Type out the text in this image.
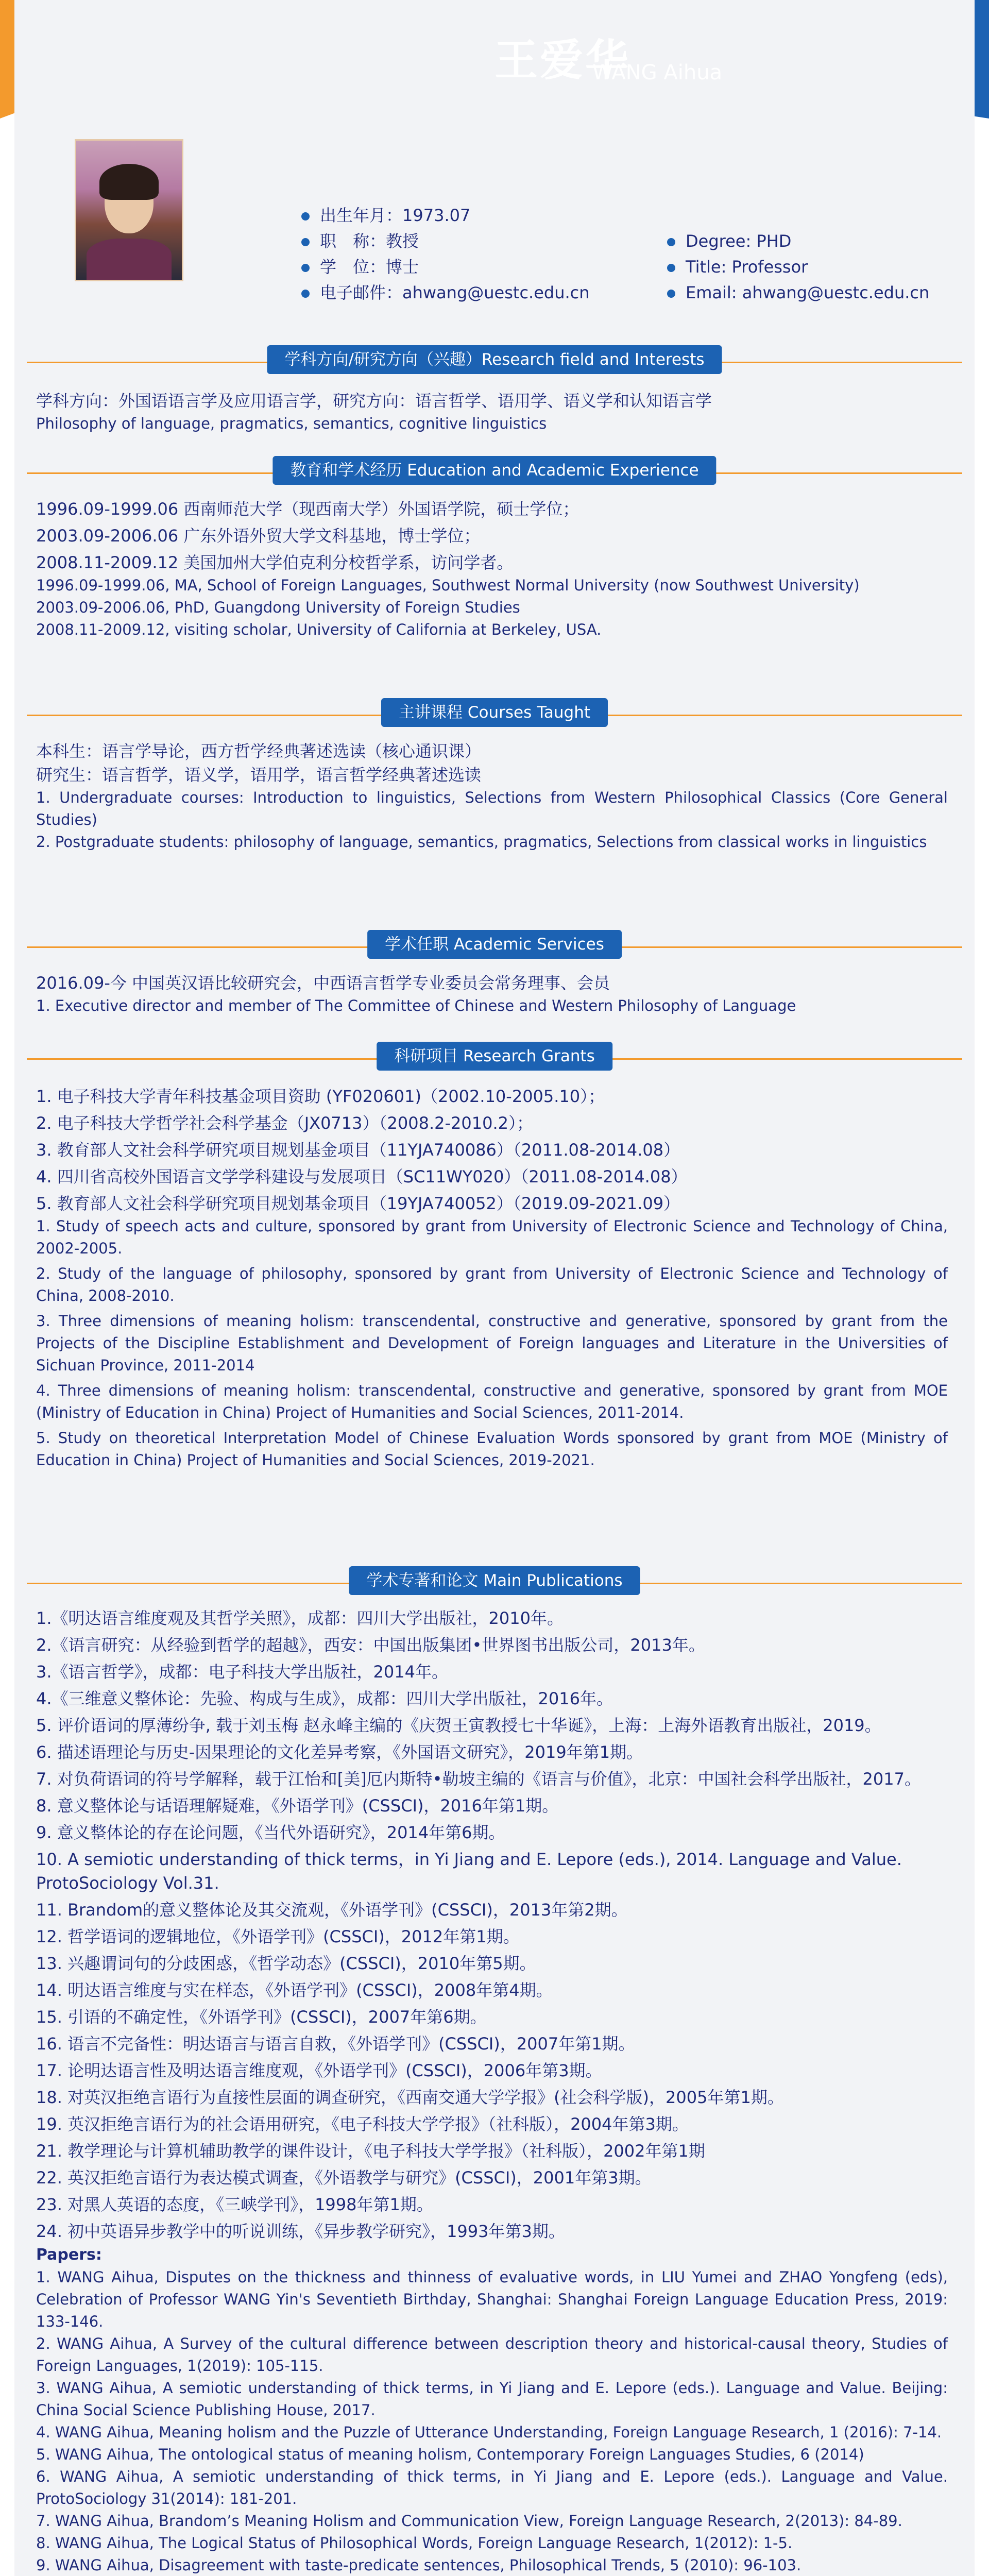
王爱华
WANG Aihua
出生年月：1973.07
职　称：教授
学　位：博士
电子邮件：ahwang@uestc.edu.cn
Degree: PHD
Title: Professor
Email: ahwang@uestc.edu.cn
学科方向/研究方向（兴趣）Research field and Interests

学科方向：外国语语言学及应用语言学，研究方向：语言哲学、语用学、语义学和认知语言学

Philosophy of language, pragmatics, semantics, cognitive linguistics

教育和学术经历 Education and Academic Experience

1996.09-1999.06 西南师范大学（现西南大学）外国语学院，硕士学位；

2003.09-2006.06 广东外语外贸大学文科基地，博士学位；

2008.11-2009.12 美国加州大学伯克利分校哲学系，访问学者。

1996.09-1999.06, MA, School of Foreign Languages, Southwest Normal University (now Southwest University)

2003.09-2006.06, PhD, Guangdong University of Foreign Studies

2008.11-2009.12, visiting scholar, University of California at Berkeley, USA.

主讲课程 Courses Taught

本科生：语言学导论，西方哲学经典著述选读（核心通识课）

研究生：语言哲学，语义学，语用学，语言哲学经典著述选读

1. Undergraduate courses: Introduction to linguistics, Selections from Western Philosophical Classics (Core General Studies)

2. Postgraduate students: philosophy of language, semantics, pragmatics, Selections from classical works in linguistics

学术任职 Academic Services

2016.09-今 中国英汉语比较研究会，中西语言哲学专业委员会常务理事、会员

1. Executive director and member of The Committee of Chinese and Western Philosophy of Language

科研项目 Research Grants

1. 电子科技大学青年科技基金项目资助 (YF020601)（2002.10-2005.10）；

2. 电子科技大学哲学社会科学基金（JX0713）（2008.2-2010.2）；

3. 教育部人文社会科学研究项目规划基金项目（11YJA740086）（2011.08-2014.08）

4. 四川省高校外国语言文学学科建设与发展项目（SC11WY020）（2011.08-2014.08）

5. 教育部人文社会科学研究项目规划基金项目（19YJA740052）（2019.09-2021.09）

1. Study of speech acts and culture, sponsored by grant from University of Electronic Science and Technology of China, 2002-2005.

2. Study of the language of philosophy, sponsored by grant from University of Electronic Science and Technology of China, 2008-2010.

3. Three dimensions of meaning holism: transcendental, constructive and generative, sponsored by grant from the Projects of the Discipline Establishment and Development of Foreign languages and Literature in the Universities of Sichuan Province, 2011-2014

4. Three dimensions of meaning holism: transcendental, constructive and generative, sponsored by grant from MOE (Ministry of Education in China) Project of Humanities and Social Sciences, 2011-2014.

5. Study on theoretical Interpretation Model of Chinese Evaluation Words sponsored by grant from MOE (Ministry of Education in China) Project of Humanities and Social Sciences, 2019-2021.

学术专著和论文 Main Publications

1.《明达语言维度观及其哲学关照》，成都：四川大学出版社，2010年。

2.《语言研究：从经验到哲学的超越》，西安：中国出版集团•世界图书出版公司，2013年。

3.《语言哲学》，成都：电子科技大学出版社，2014年。

4.《三维意义整体论：先验、构成与生成》，成都：四川大学出版社，2016年。

5. 评价语词的厚薄纷争, 载于刘玉梅 赵永峰主编的《庆贺王寅教授七十华诞》，上海：上海外语教育出版社，2019。

6. 描述语理论与历史-因果理论的文化差异考察，《外国语文研究》，2019年第1期。

7. 对负荷语词的符号学解释，载于江怡和[美]厄内斯特•勒坡主编的《语言与价值》，北京：中国社会科学出版社，2017。

8. 意义整体论与话语理解疑难，《外语学刊》(CSSCI)，2016年第1期。

9. 意义整体论的存在论问题，《当代外语研究》，2014年第6期。

10. A semiotic understanding of thick terms，in Yi Jiang and E. Lepore (eds.), 2014. Language and Value. ProtoSociology Vol.31.

11. Brandom的意义整体论及其交流观，《外语学刊》(CSSCI)，2013年第2期。

12. 哲学语词的逻辑地位，《外语学刊》(CSSCI)，2012年第1期。

13. 兴趣谓词句的分歧困惑，《哲学动态》(CSSCI)，2010年第5期。

14. 明达语言维度与实在样态，《外语学刊》(CSSCI)，2008年第4期。

15. 引语的不确定性，《外语学刊》(CSSCI)，2007年第6期。

16. 语言不完备性：明达语言与语言自救，《外语学刊》(CSSCI)，2007年第1期。

17. 论明达语言性及明达语言维度观，《外语学刊》(CSSCI)，2006年第3期。

18. 对英汉拒绝言语行为直接性层面的调查研究，《西南交通大学学报》(社会科学版)，2005年第1期。

19. 英汉拒绝言语行为的社会语用研究，《电子科技大学学报》（社科版），2004年第3期。

21. 教学理论与计算机辅助教学的课件设计，《电子科技大学学报》（社科版），2002年第1期

22. 英汉拒绝言语行为表达模式调查，《外语教学与研究》(CSSCI)，2001年第3期。

23. 对黑人英语的态度，《三峡学刊》，1998年第1期。

24. 初中英语异步教学中的听说训练，《异步教学研究》，1993年第3期。

Papers:

1. WANG Aihua, Disputes on the thickness and thinness of evaluative words, in LIU Yumei and ZHAO Yongfeng (eds), Celebration of Professor WANG Yin's Seventieth Birthday, Shanghai: Shanghai Foreign Language Education Press, 2019: 133-146.

2. WANG Aihua, A Survey of the cultural difference between description theory and historical-causal theory, Studies of Foreign Languages, 1(2019): 105-115.

3. WANG Aihua, A semiotic understanding of thick terms, in Yi Jiang and E. Lepore (eds.). Language and Value. Beijing: China Social Science Publishing House, 2017.

4. WANG Aihua, Meaning holism and the Puzzle of Utterance Understanding, Foreign Language Research, 1 (2016): 7-14.

5. WANG Aihua, The ontological status of meaning holism, Contemporary Foreign Languages Studies, 6 (2014)

6. WANG Aihua, A semiotic understanding of thick terms, in Yi Jiang and E. Lepore (eds.). Language and Value. ProtoSociology 31(2014): 181-201.

7. WANG Aihua, Brandom’s Meaning Holism and Communication View, Foreign Language Research, 2(2013): 84-89.

8. WANG Aihua, The Logical Status of Philosophical Words, Foreign Language Research, 1(2012): 1-5.

9. WANG Aihua, Disagreement with taste-predicate sentences, Philosophical Trends, 5 (2010): 96-103.
